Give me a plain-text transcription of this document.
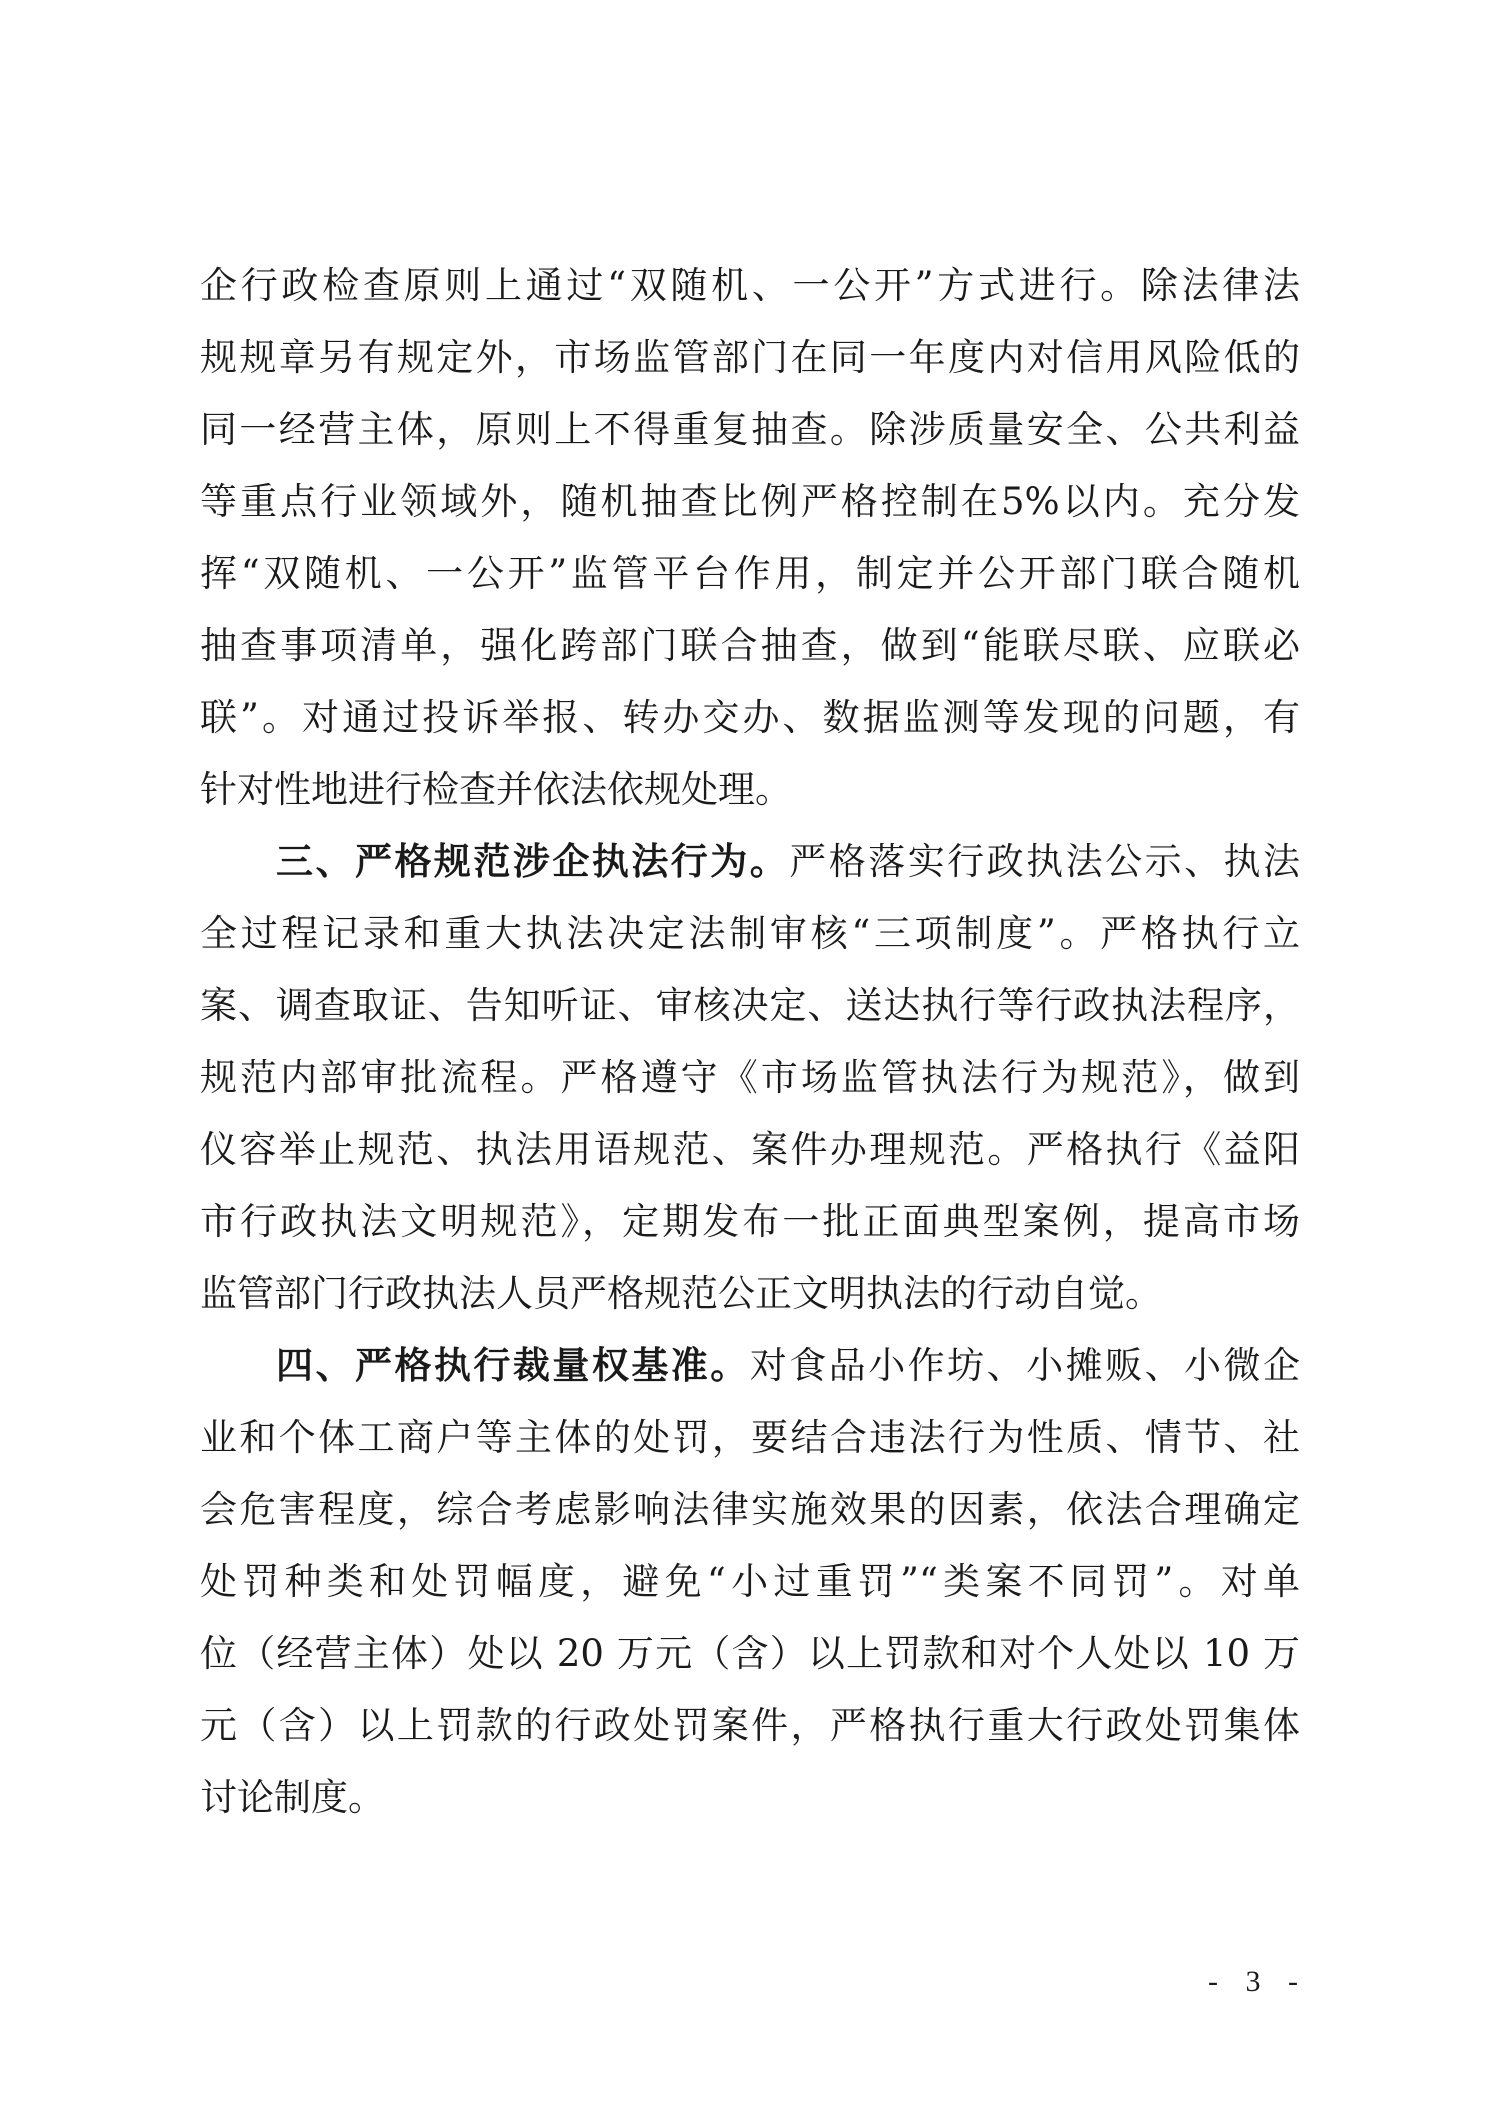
企行政检查原则上通过“双随机、一公开”方式进行。除法律法
规规章另有规定外，市场监管部门在同一年度内对信用风险低的
同一经营主体，原则上不得重复抽查。除涉质量安全、公共利益
等重点行业领域外，随机抽查比例严格控制在5%以内。充分发
挥“双随机、一公开”监管平台作用，制定并公开部门联合随机
抽查事项清单，强化跨部门联合抽查，做到“能联尽联、应联必
联”。对通过投诉举报、转办交办、数据监测等发现的问题，有
针对性地进行检查并依法依规处理。
三、严格规范涉企执法行为。严格落实行政执法公示、执法
全过程记录和重大执法决定法制审核“三项制度”。严格执行立
案、调查取证、告知听证、审核决定、送达执行等行政执法程序，
规范内部审批流程。严格遵守《市场监管执法行为规范》，做到
仪容举止规范、执法用语规范、案件办理规范。严格执行《益阳
市行政执法文明规范》，定期发布一批正面典型案例，提高市场
监管部门行政执法人员严格规范公正文明执法的行动自觉。
四、严格执行裁量权基准。对食品小作坊、小摊贩、小微企
业和个体工商户等主体的处罚，要结合违法行为性质、情节、社
会危害程度，综合考虑影响法律实施效果的因素，依法合理确定
处罚种类和处罚幅度，避免“小过重罚”“类案不同罚”。对单
位（经营主体）处以 20 万元（含）以上罚款和对个人处以 10 万
元（含）以上罚款的行政处罚案件，严格执行重大行政处罚集体
讨论制度。
- 3 -
